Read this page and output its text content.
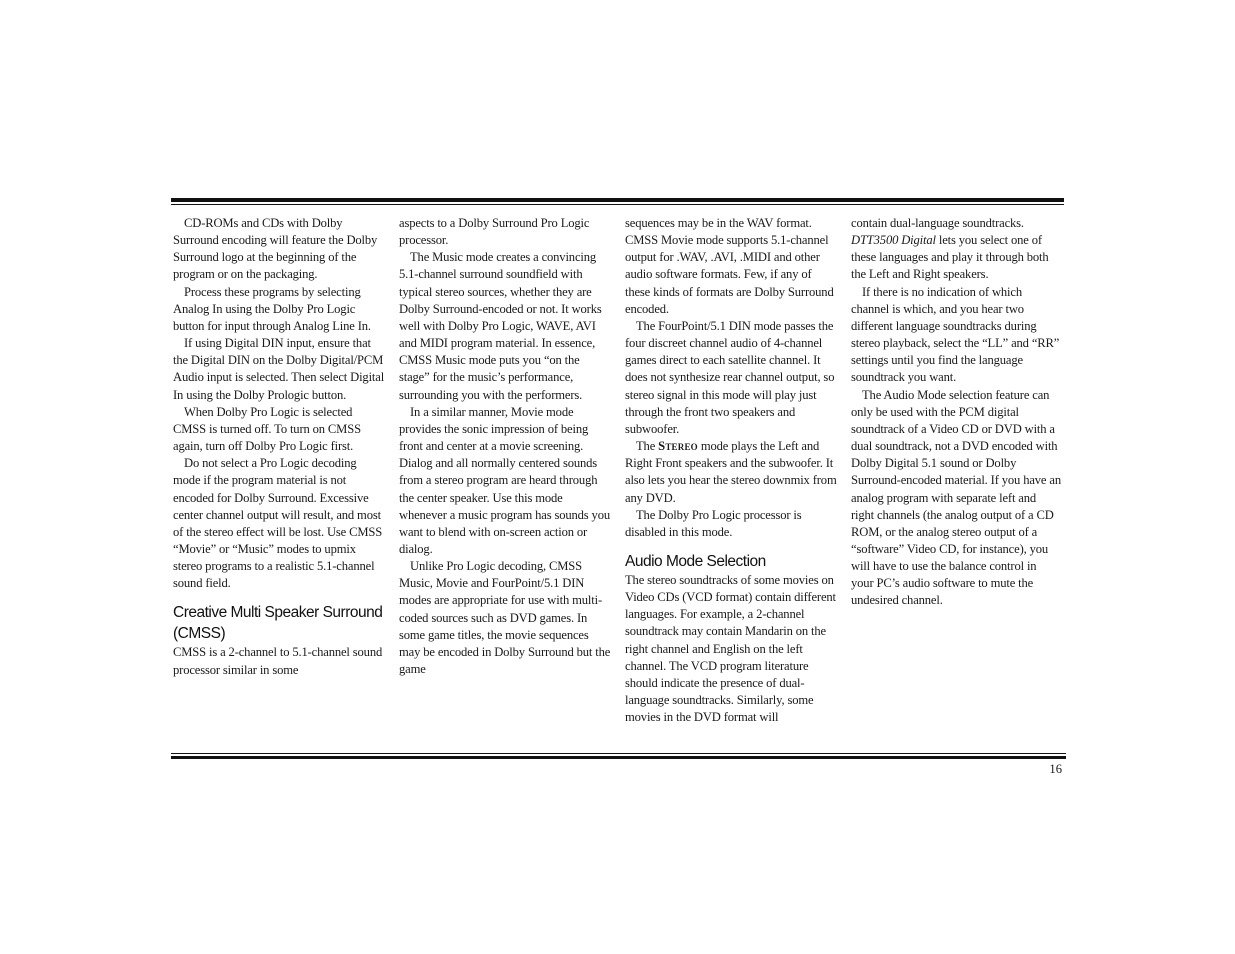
CD-ROMs and CDs with Dolby Surround encoding will feature the Dolby Surround logo at the beginning of the program or on the packaging.

Process these programs by selecting Analog In using the Dolby Pro Logic button for input through Analog Line In.

If using Digital DIN input, ensure that the Digital DIN on the Dolby Digital/PCM Audio input is selected. Then select Digital In using the Dolby Prologic button.

When Dolby Pro Logic is selected CMSS is turned off. To turn on CMSS again, turn off Dolby Pro Logic first.

Do not select a Pro Logic decoding mode if the program material is not encoded for Dolby Surround. Excessive center channel output will result, and most of the stereo effect will be lost. Use CMSS “Movie” or “Music” modes to upmix stereo programs to a realistic 5.1-channel sound field.

Creative Multi Speaker Surround (CMSS)

CMSS is a 2-channel to 5.1-channel sound processor similar in some

aspects to a Dolby Surround Pro Logic processor.

The Music mode creates a convincing 5.1-channel surround soundfield with typical stereo sources, whether they are Dolby Surround-encoded or not. It works well with Dolby Pro Logic, WAVE, AVI and MIDI program material. In essence, CMSS Music mode puts you “on the stage” for the music’s performance, surrounding you with the performers.

In a similar manner, Movie mode provides the sonic impression of being front and center at a movie screening. Dialog and all normally centered sounds from a stereo program are heard through the center speaker. Use this mode whenever a music program has sounds you want to blend with on-screen action or dialog.

Unlike Pro Logic decoding, CMSS Music, Movie and FourPoint/5.1 DIN modes are appropriate for use with multi-coded sources such as DVD games. In some game titles, the movie sequences may be encoded in Dolby Surround but the game

sequences may be in the WAV format. CMSS Movie mode supports 5.1-channel output for .WAV, .AVI, .MIDI and other audio software formats. Few, if any of these kinds of formats are Dolby Surround encoded.

The FourPoint/5.1 DIN mode passes the four discreet channel audio of 4-channel games direct to each satellite channel. It does not synthesize rear channel output, so stereo signal in this mode will play just through the front two speakers and subwoofer.

The Stereo mode plays the Left and Right Front speakers and the subwoofer. It also lets you hear the stereo downmix from any DVD.

The Dolby Pro Logic processor is disabled in this mode.

Audio Mode Selection

The stereo soundtracks of some movies on Video CDs (VCD format) contain different languages. For example, a 2-channel soundtrack may contain Mandarin on the right channel and English on the left channel. The VCD program literature should indicate the presence of dual-language soundtracks. Similarly, some movies in the DVD format will

contain dual-language soundtracks. DTT3500 Digital lets you select one of these languages and play it through both the Left and Right speakers.

If there is no indication of which channel is which, and you hear two different language soundtracks during stereo playback, select the “LL” and “RR” settings until you find the language soundtrack you want.

The Audio Mode selection feature can only be used with the PCM digital soundtrack of a Video CD or DVD with a dual soundtrack, not a DVD encoded with Dolby Digital 5.1 sound or Dolby Surround-encoded material. If you have an analog program with separate left and right channels (the analog output of a CD ROM, or the analog stereo output of a “software” Video CD, for instance), you will have to use the balance control in your PC’s audio software to mute the undesired channel.

16
